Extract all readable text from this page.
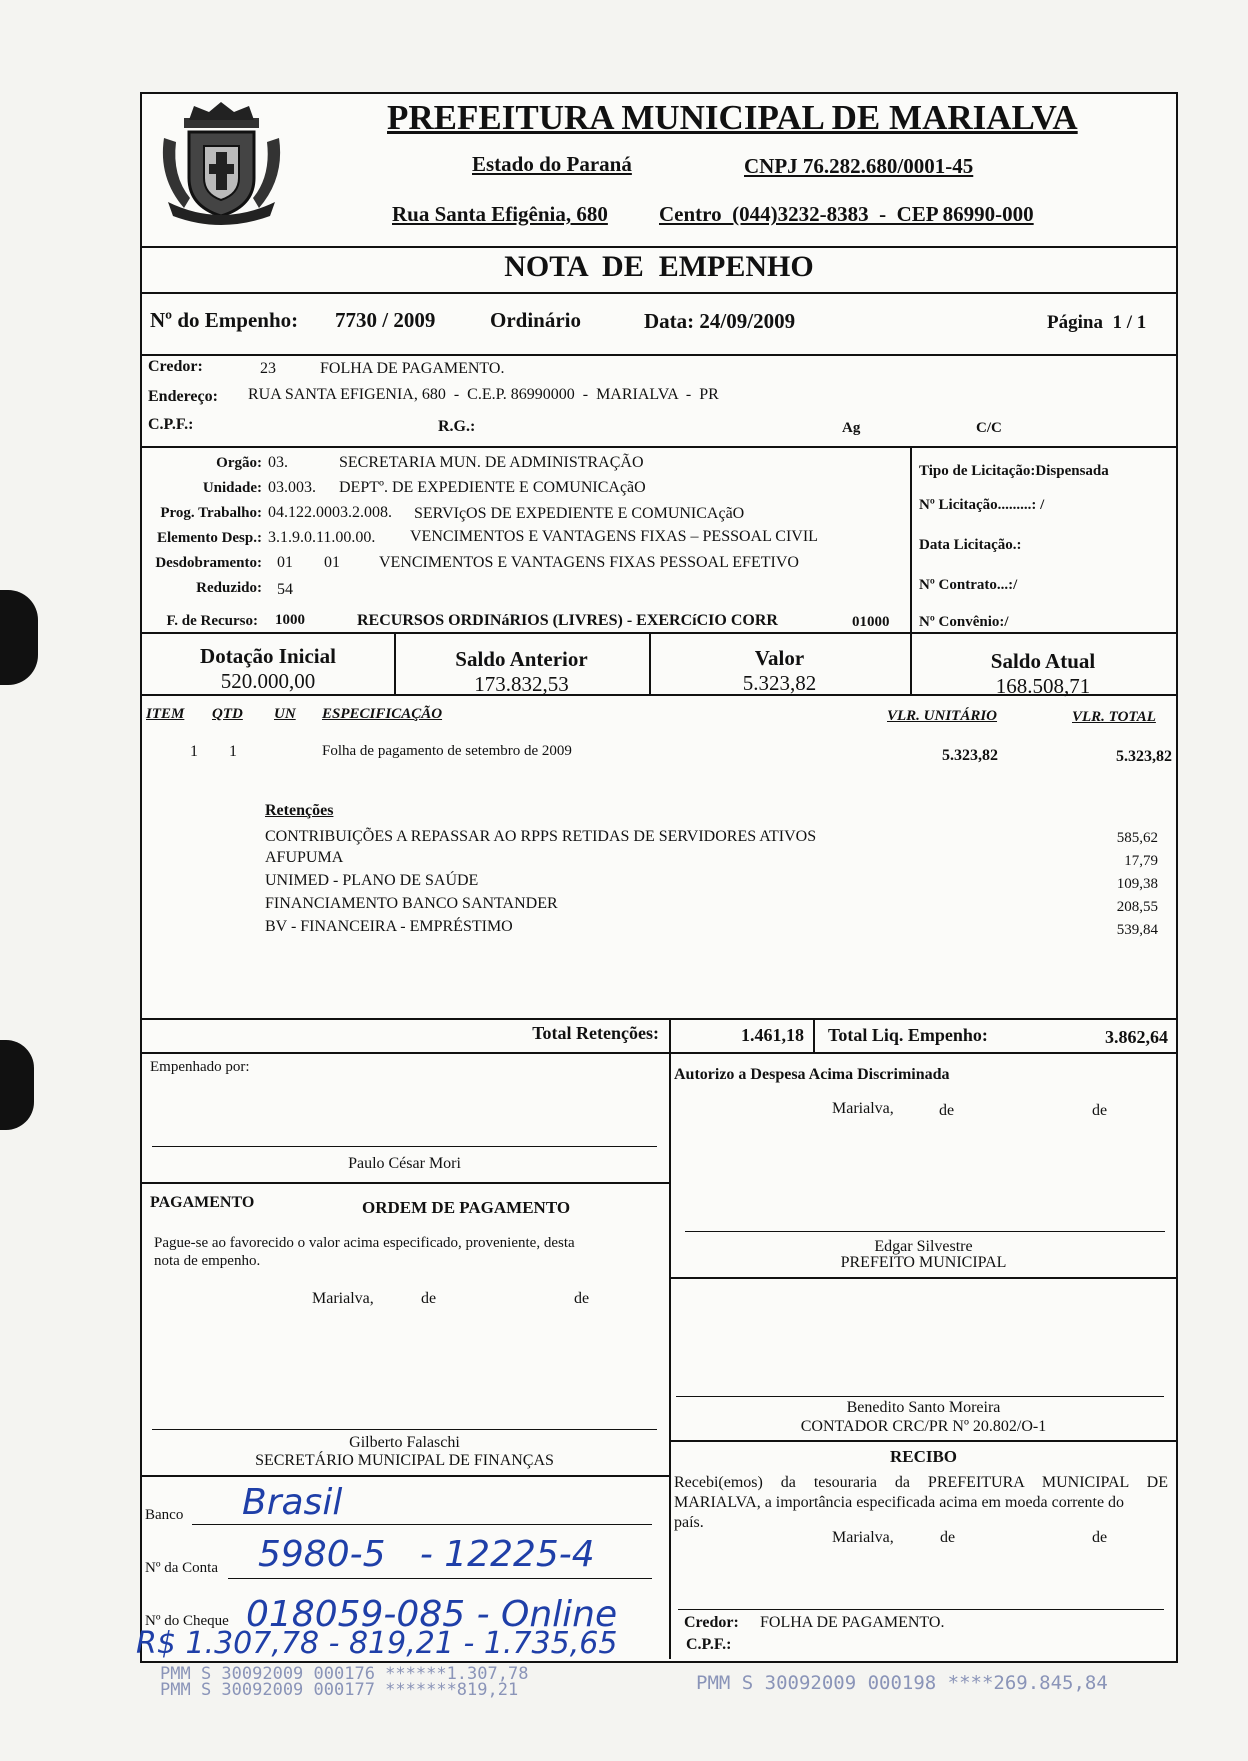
PREFEITURA MUNICIPAL DE MARIALVA
Estado do Paraná	CNPJ 76.282.680/0001-45
Rua Santa Efigênia, 680 Centro  (044)3232-8383  -  CEP 86990-000
NOTA  DE  EMPENHO
Nº do Empenho: 7730 / 2009	Ordinário	Data: 24/09/2009	Página  1 / 1
Credor:	23	FOLHA DE PAGAMENTO.
Endereço: RUA SANTA EFIGENIA, 680  -  C.E.P. 86990000  -  MARIALVA  -  PR
C.P.F.:	R.G.:	Ag	C/C
Orgão: 03.	SECRETARIA MUN. DE ADMINISTRAÇÃO
Unidade: 03.003. DEPTº. DE EXPEDIENTE E COMUNICAçãO
Prog. Trabalho: 04.122.0003.2.008. SERVIçOS DE EXPEDIENTE E COMUNICAçãO
Elemento Desp.: 3.1.9.0.11.00.00. VENCIMENTOS E VANTAGENS FIXAS – PESSOAL CIVIL
Desdobramento: 01 01 VENCIMENTOS E VANTAGENS FIXAS PESSOAL EFETIVO
Reduzido: 54
F. de Recurso: 1000	RECURSOS ORDINáRIOS (LIVRES) - EXERCíCIO CORR	01000
Tipo de Licitação:Dispensada
Nº Licitação.........: /
Data Licitação.:
Nº Contrato...:/
Nº Convênio:/
Dotação Inicial
520.000,00
Saldo Anterior
173.832,53
Valor
5.323,82
Saldo Atual
168.508,71
ITEM QTD UN ESPECIFICAÇÃO	VLR. UNITÁRIO	VLR. TOTAL
1 1	Folha de pagamento de setembro de 2009	5.323,82	5.323,82
Retenções
CONTRIBUIÇÕES A REPASSAR AO RPPS RETIDAS DE SERVIDORES ATIVOS	585,62
AFUPUMA	17,79
UNIMED - PLANO DE SAÚDE	109,38
FINANCIAMENTO BANCO SANTANDER	208,55
BV - FINANCEIRA - EMPRÉSTIMO	539,84
Total Retenções:	1.461,18 Total Liq. Empenho:	3.862,64
Empenhado por:
Paulo César Mori
PAGAMENTO	ORDEM DE PAGAMENTO
Pague-se ao favorecido o valor acima especificado, proveniente, desta
nota de empenho.
Marialva,	de	de
Gilberto Falaschi
SECRETÁRIO MUNICIPAL DE FINANÇAS
Banco Brasil
Nº da Conta 5980-5   - 12225-4
Nº do Cheque 018059-085 - Online
R$ 1.307,78 - 819,21 - 1.735,65
Autorizo a Despesa Acima Discriminada
Marialva,	de	de
Edgar Silvestre
PREFEITO MUNICIPAL
Benedito Santo Moreira
CONTADOR CRC/PR Nº 20.802/O-1
RECIBO
Recebi(emos) da tesouraria da PREFEITURA MUNICIPAL DE
MARIALVA, a importância especificada acima em moeda corrente do
país.
Marialva,	de	de
Credor: FOLHA DE PAGAMENTO.
C.P.F.:
PMM S 30092009 000176 ******1.307,78
PMM S 30092009 000177 *******819,21	PMM S 30092009 000198 ****269.845,84
